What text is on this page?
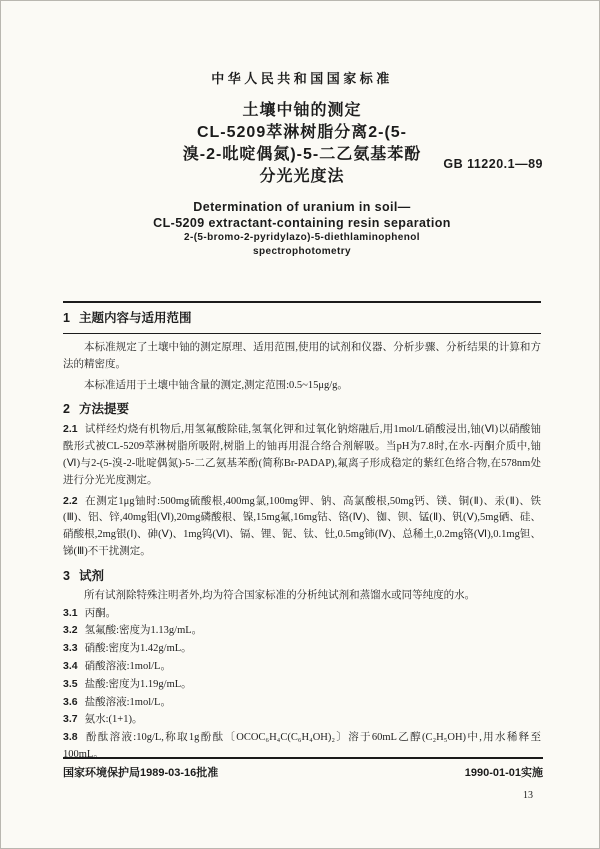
中华人民共和国国家标准
土壤中铀的测定
CL-5209萃淋树脂分离2-(5-
溴-2-吡啶偶氮)-5-二乙氨基苯酚
分光光度法
GB 11220.1—89
Determination of uranium in soil—
CL-5209 extractant-containing resin separation
2-(5-bromo-2-pyridylazo)-5-diethlaminophenol
spectrophotometry
1 主题内容与适用范围

本标准规定了土壤中铀的测定原理、适用范围,使用的试剂和仪器、分析步骤、分析结果的计算和方法的精密度。

本标准适用于土壤中铀含量的测定,测定范围:0.5~15μg/g。

2 方法提要

2.1 试样经灼烧有机物后,用氢氟酸除硅,氢氧化钾和过氧化钠熔融后,用1mol/L硝酸浸出,铀(Ⅵ)以硝酸铀酰形式被CL-5209萃淋树脂所吸附,树脂上的铀再用混合络合剂解吸。当pH为7.8时,在水-丙酮介质中,铀(Ⅵ)与2-(5-溴-2-吡啶偶氮)-5-二乙氨基苯酚(简称Br-PADAP),氟离子形成稳定的紫红色络合物,在578nm处进行分光光度测定。

2.2 在测定1μg铀时:500mg硫酸根,400mg氯,100mg钾、钠、高氯酸根,50mg钙、镁、铜(Ⅱ)、汞(Ⅱ)、铁(Ⅲ)、铝、锌,40mg钼(Ⅵ),20mg磷酸根、镍,15mg氟,16mg钴、铬(Ⅳ)、铷、钡、锰(Ⅱ)、钒(Ⅴ),5mg硒、硅、硝酸根,2mg银(Ⅰ)、砷(Ⅴ)、1mg钨(Ⅵ)、镉、锂、铌、钛、钍,0.5mg铈(Ⅳ)、总稀土,0.2mg铬(Ⅵ),0.1mg钽、锑(Ⅲ)不干扰测定。

3 试剂

所有试剂除特殊注明者外,均为符合国家标准的分析纯试剂和蒸馏水或同等纯度的水。

3.1 丙酮。

3.2 氢氟酸:密度为1.13g/mL。

3.3 硝酸:密度为1.42g/mL。

3.4 硝酸溶液:1mol/L。

3.5 盐酸:密度为1.19g/mL。

3.6 盐酸溶液:1mol/L。

3.7 氨水:(1+1)。

3.8 酚酞溶液:10g/L,称取1g酚酞〔OCOC₆H₄C(C₆H₄OH)₂〕溶于60mL乙醇(C₂H₅OH)中,用水稀释至100mL。

国家环境保护局1989-03-16批准	1990-01-01实施
13
